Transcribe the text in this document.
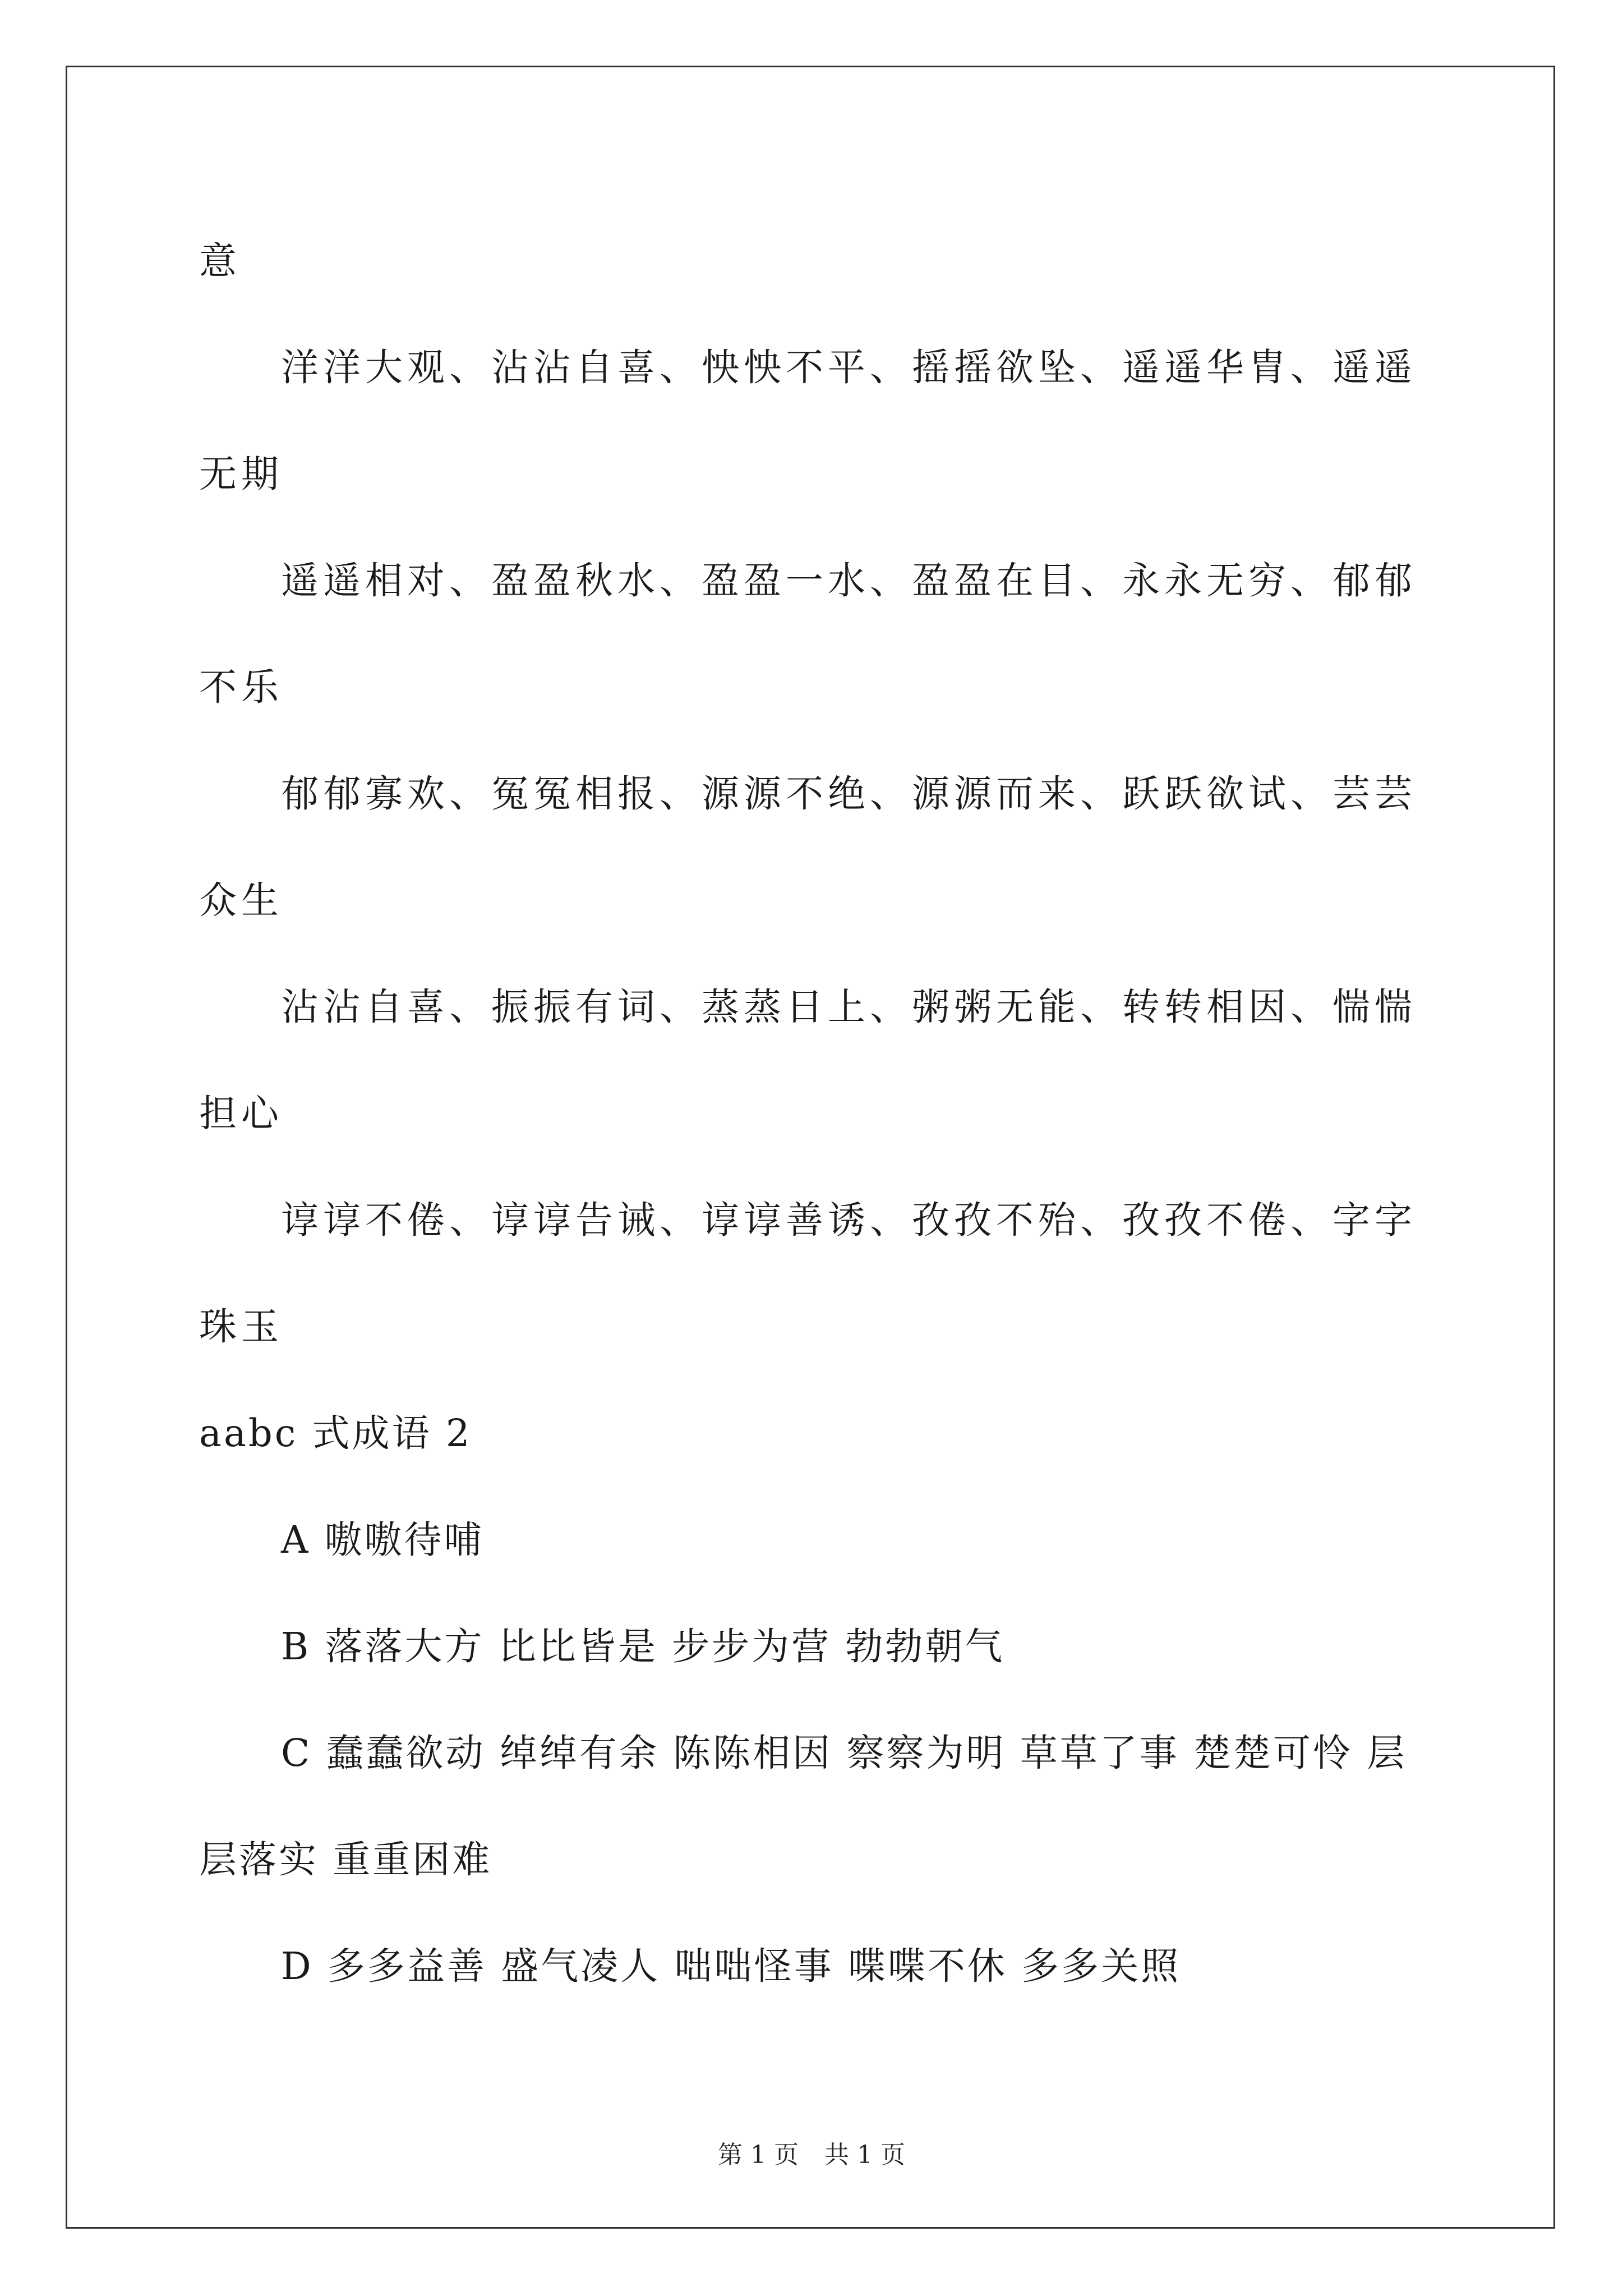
意

洋洋大观、沾沾自喜、怏怏不平、摇摇欲坠、遥遥华胄、遥遥无期

遥遥相对、盈盈秋水、盈盈一水、盈盈在目、永永无穷、郁郁不乐

郁郁寡欢、冤冤相报、源源不绝、源源而来、跃跃欲试、芸芸众生

沾沾自喜、振振有词、蒸蒸日上、粥粥无能、转转相因、惴惴担心

谆谆不倦、谆谆告诫、谆谆善诱、孜孜不殆、孜孜不倦、字字珠玉

aabc 式成语 2

A 嗷嗷待哺

B 落落大方 比比皆是 步步为营 勃勃朝气

C 蠢蠢欲动 绰绰有余 陈陈相因 察察为明 草草了事 楚楚可怜 层层落实 重重困难

D 多多益善 盛气凌人 咄咄怪事 喋喋不休 多多关照

第 1 页 共 1 页
